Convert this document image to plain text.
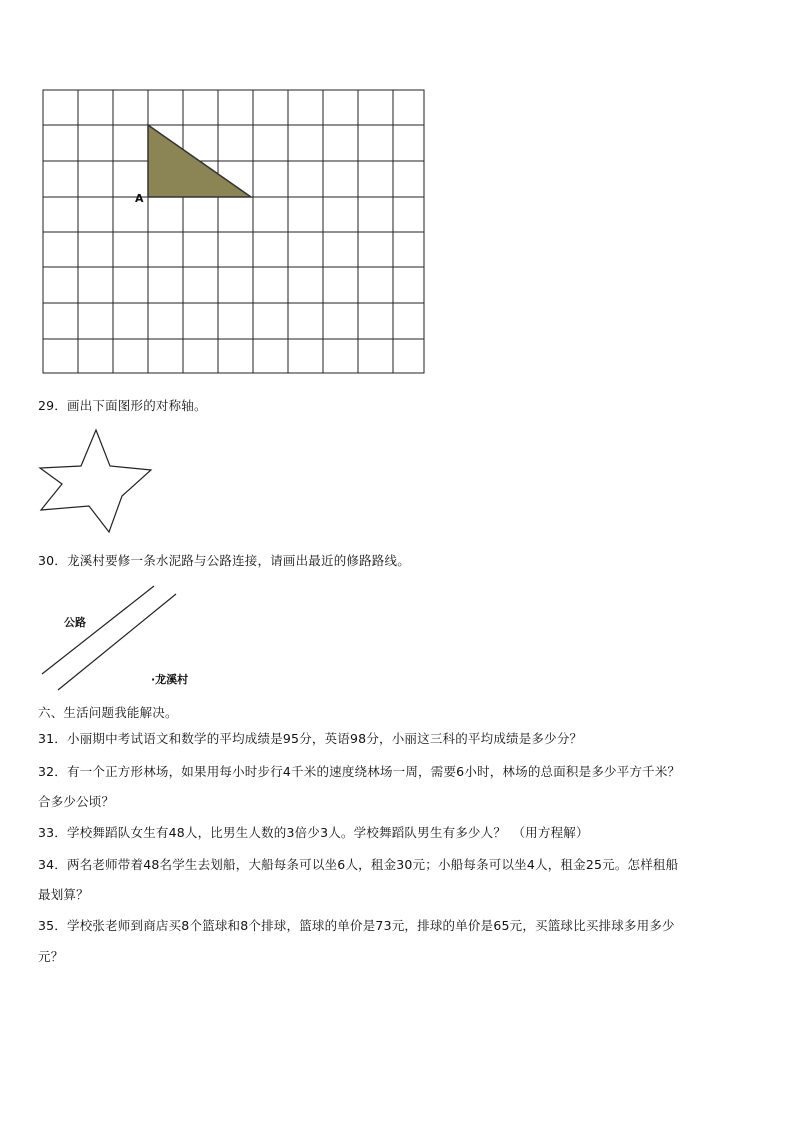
A
29．画出下面图形的对称轴。
30．龙溪村要修一条水泥路与公路连接，请画出最近的修路路线。
公路
·龙溪村
六、生活问题我能解决。
31．小丽期中考试语文和数学的平均成绩是95分，英语98分，小丽这三科的平均成绩是多少分？
32．有一个正方形林场，如果用每小时步行4千米的速度绕林场一周，需要6小时，林场的总面积是多少平方千米？
合多少公顷？
33．学校舞蹈队女生有48人，比男生人数的3倍少3人。学校舞蹈队男生有多少人？　（用方程解）
34．两名老师带着48名学生去划船，大船每条可以坐6人，租金30元；小船每条可以坐4人，租金25元。怎样租船
最划算？
35．学校张老师到商店买8个篮球和8个排球，篮球的单价是73元，排球的单价是65元，买篮球比买排球多用多少
元？
